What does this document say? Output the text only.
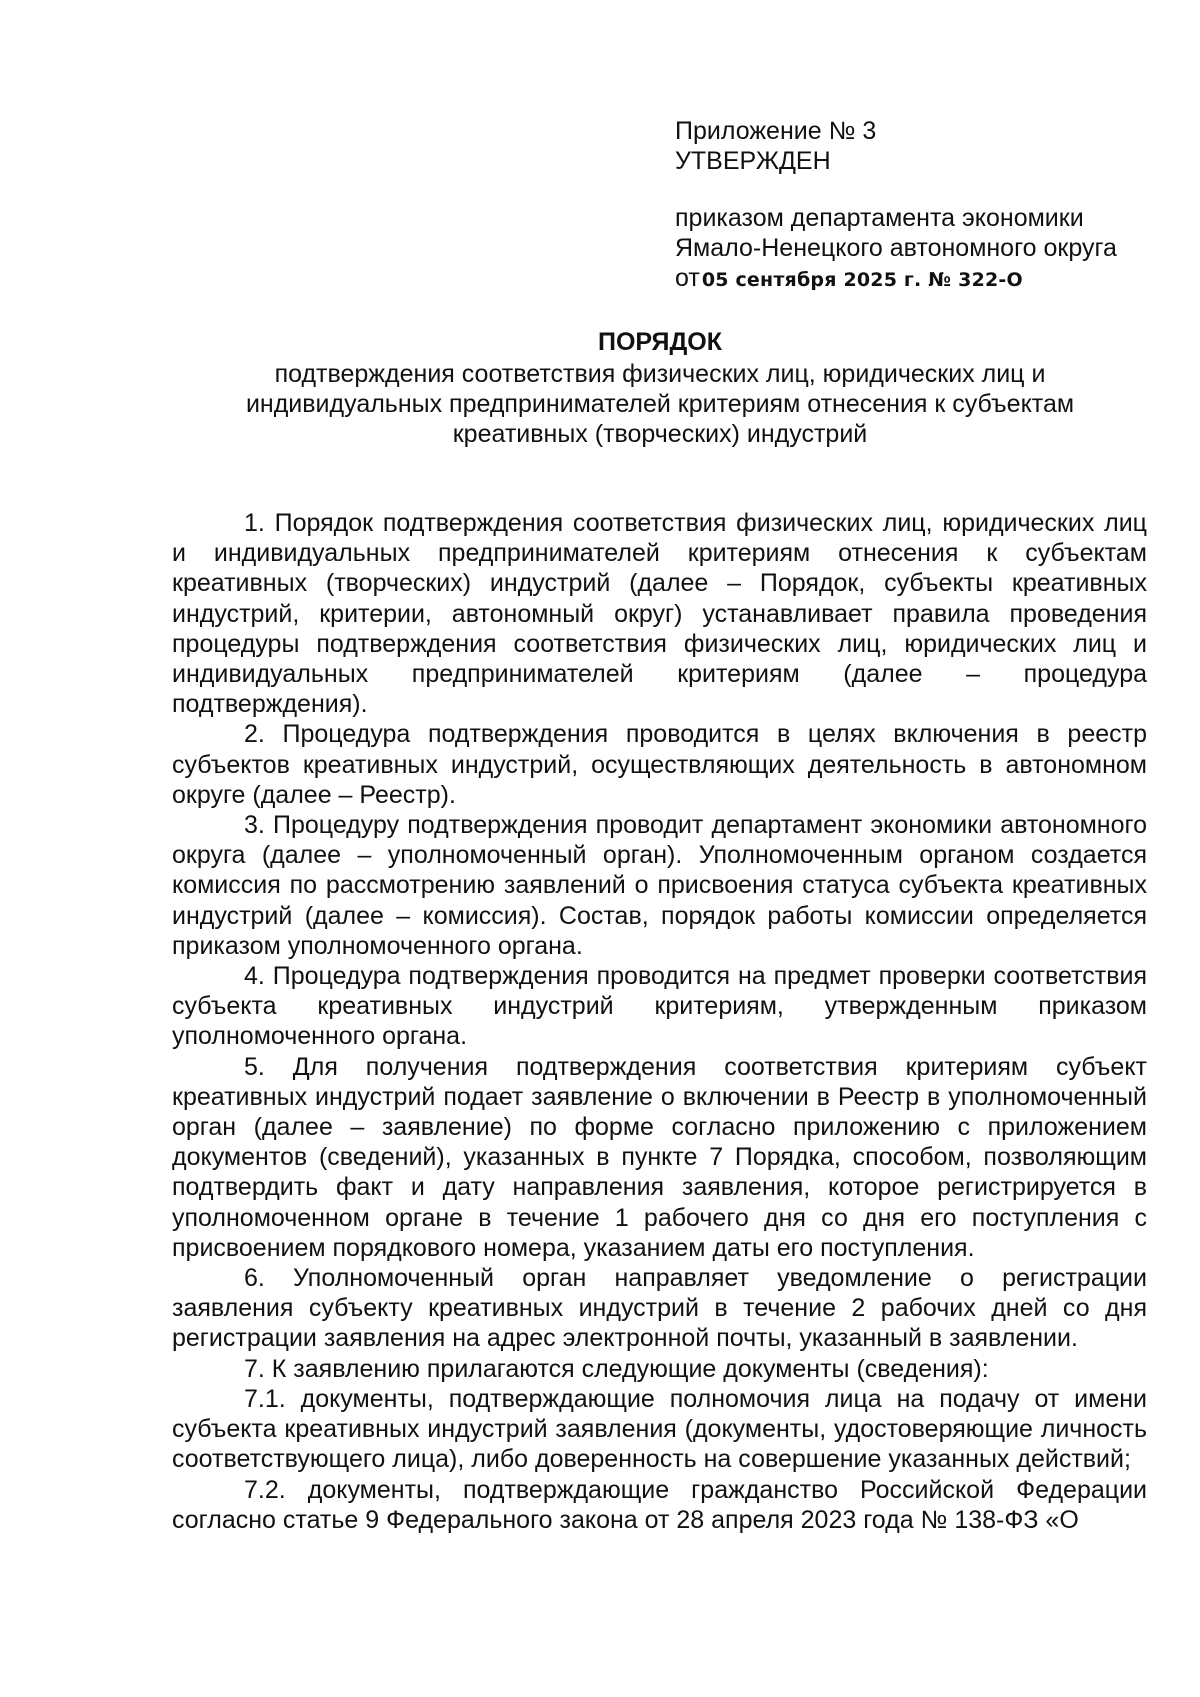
Приложение № 3
УТВЕРЖДЕН
приказом департамента экономики
Ямало-Ненецкого автономного округа
от 05 сентября 2025 г. № 322-О
ПОРЯДОК
подтверждения соответствия физических лиц, юридических лиц и
индивидуальных предпринимателей критериям отнесения к субъектам
креативных (творческих) индустрий

1. Порядок подтверждения соответствия физических лиц, юридических лиц и индивидуальных предпринимателей критериям отнесения к субъектам креативных (творческих) индустрий (далее – Порядок, субъекты креативных индустрий, критерии, автономный округ) устанавливает правила проведения процедуры подтверждения соответствия физических лиц, юридических лиц и индивидуальных предпринимателей критериям (далее – процедура подтверждения).

2. Процедура подтверждения проводится в целях включения в реестр субъектов креативных индустрий, осуществляющих деятельность в автономном округе (далее – Реестр).

3. Процедуру подтверждения проводит департамент экономики автономного округа (далее – уполномоченный орган). Уполномоченным органом создается комиссия по рассмотрению заявлений о присвоения статуса субъекта креативных индустрий (далее – комиссия). Состав, порядок работы комиссии определяется приказом уполномоченного органа.

4. Процедура подтверждения проводится на предмет проверки соответствия субъекта креативных индустрий критериям, утвержденным приказом уполномоченного органа.

5. Для получения подтверждения соответствия критериям субъект креативных индустрий подает заявление о включении в Реестр в уполномоченный орган (далее – заявление) по форме согласно приложению с приложением документов (сведений), указанных в пункте 7 Порядка, способом, позволяющим подтвердить факт и дату направления заявления, которое регистрируется в уполномоченном органе в течение 1 рабочего дня со дня его поступления с присвоением порядкового номера, указанием даты его поступления.

6. Уполномоченный орган направляет уведомление о регистрации заявления субъекту креативных индустрий в течение 2 рабочих дней со дня регистрации заявления на адрес электронной почты, указанный в заявлении.

7. К заявлению прилагаются следующие документы (сведения):

7.1. документы, подтверждающие полномочия лица на подачу от имени субъекта креативных индустрий заявления (документы, удостоверяющие личность соответствующего лица), либо доверенность на совершение указанных действий;

7.2. документы, подтверждающие гражданство Российской Федерации согласно статье 9 Федерального закона от 28 апреля 2023 года № 138-ФЗ «О
